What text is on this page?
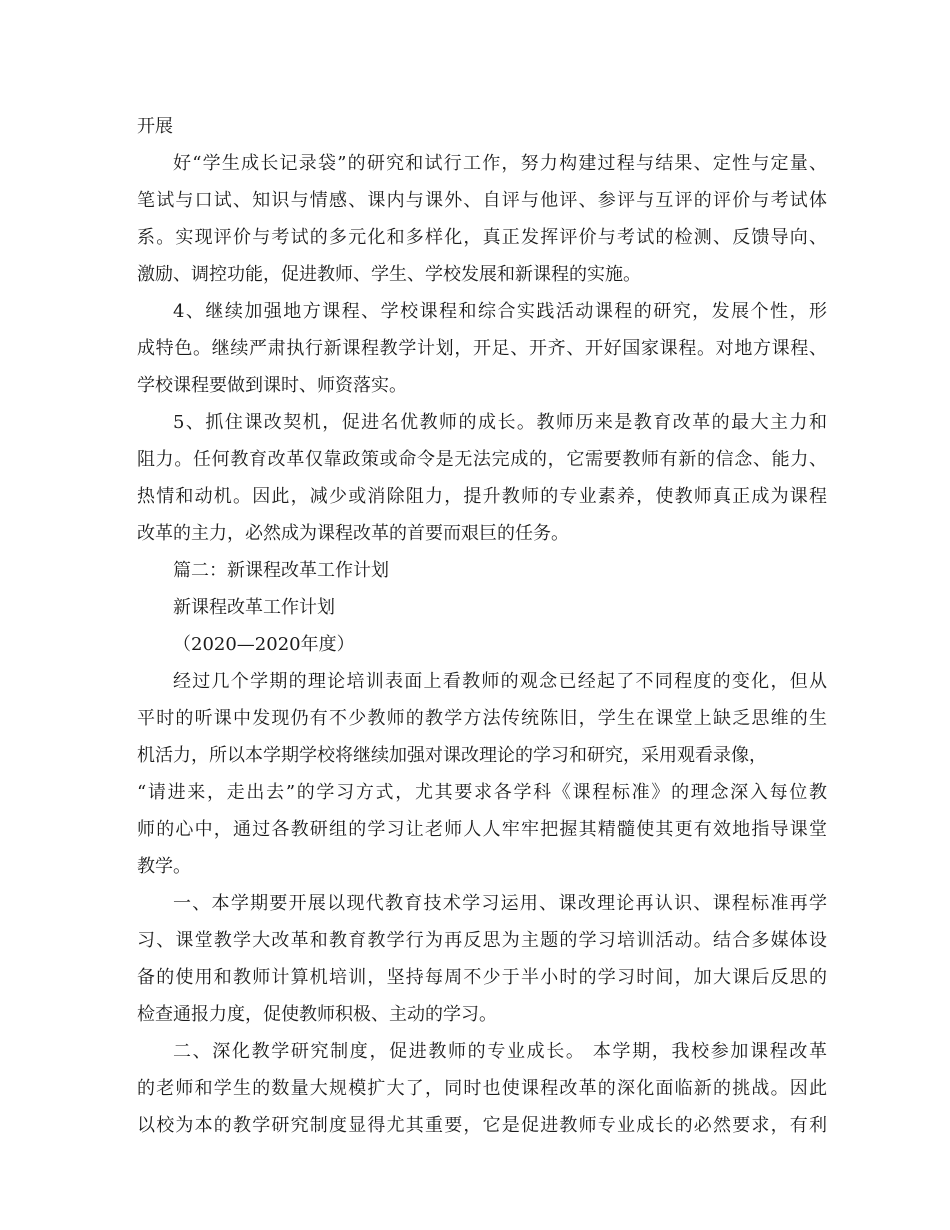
开展
好“学生成长记录袋”的研究和试行工作，努力构建过程与结果、定性与定量、
笔试与口试、知识与情感、课内与课外、自评与他评、参评与互评的评价与考试体
系。实现评价与考试的多元化和多样化，真正发挥评价与考试的检测、反馈导向、
激励、调控功能，促进教师、学生、学校发展和新课程的实施。
4、继续加强地方课程、学校课程和综合实践活动课程的研究，发展个性，形
成特色。继续严肃执行新课程教学计划，开足、开齐、开好国家课程。对地方课程、
学校课程要做到课时、师资落实。
5、抓住课改契机，促进名优教师的成长。教师历来是教育改革的最大主力和
阻力。任何教育改革仅靠政策或命令是无法完成的，它需要教师有新的信念、能力、
热情和动机。因此，减少或消除阻力，提升教师的专业素养，使教师真正成为课程
改革的主力，必然成为课程改革的首要而艰巨的任务。
篇二：新课程改革工作计划
新课程改革工作计划
（2020—2020年度）
经过几个学期的理论培训表面上看教师的观念已经起了不同程度的变化，但从
平时的听课中发现仍有不少教师的教学方法传统陈旧，学生在课堂上缺乏思维的生
机活力，所以本学期学校将继续加强对课改理论的学习和研究，采用观看录像，
“请进来，走出去”的学习方式，尤其要求各学科《课程标准》的理念深入每位教
师的心中，通过各教研组的学习让老师人人牢牢把握其精髓使其更有效地指导课堂
教学。
一、本学期要开展以现代教育技术学习运用、课改理论再认识、课程标准再学
习、课堂教学大改革和教育教学行为再反思为主题的学习培训活动。结合多媒体设
备的使用和教师计算机培训，坚持每周不少于半小时的学习时间，加大课后反思的
检查通报力度，促使教师积极、主动的学习。
二、深化教学研究制度，促进教师的专业成长。 本学期，我校参加课程改革
的老师和学生的数量大规模扩大了，同时也使课程改革的深化面临新的挑战。因此
以校为本的教学研究制度显得尤其重要，它是促进教师专业成长的必然要求，有利
